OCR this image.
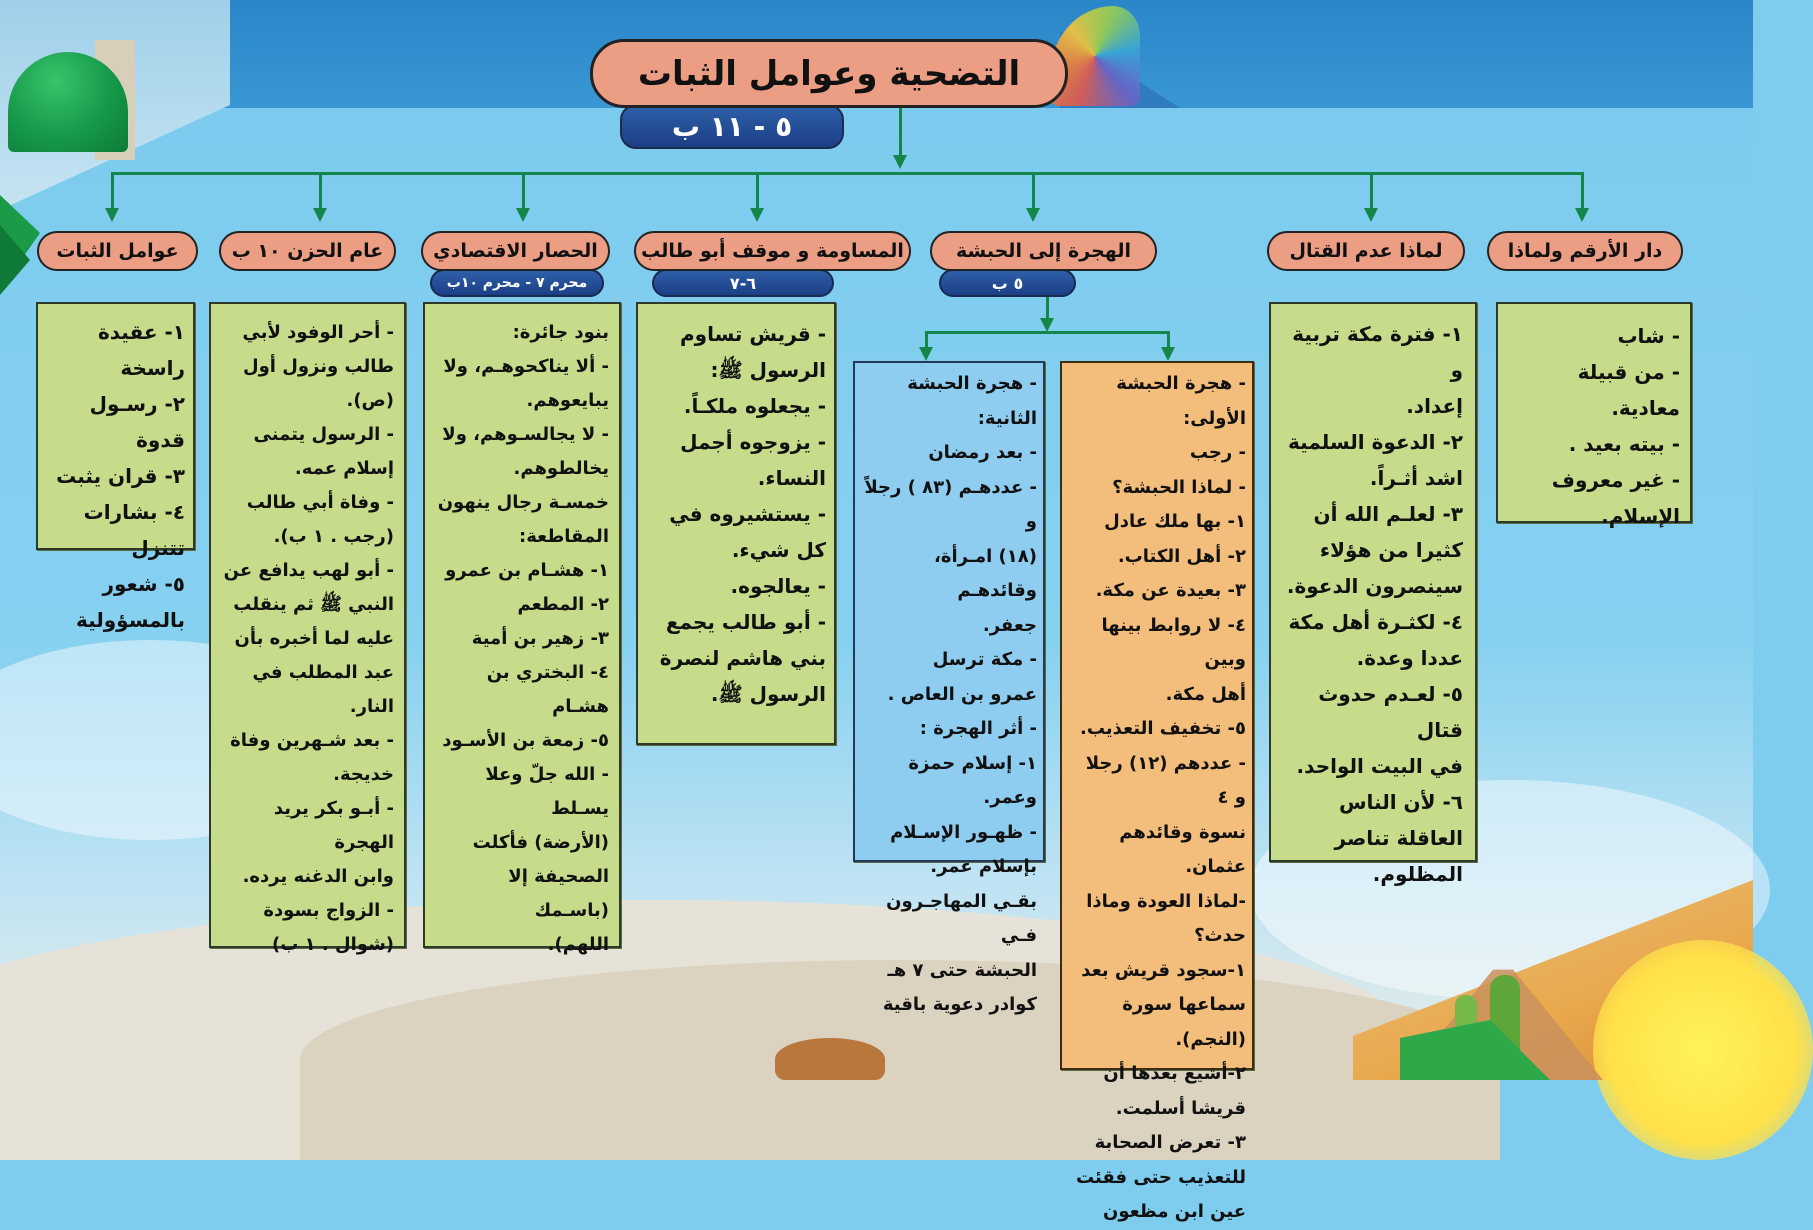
التضحية وعوامل الثبات
٥ - ١١ ب
دار الأرقم ولماذا
لماذا عدم القتال
الهجرة إلى الحبشة
٥ ب
المساومة و موقف أبو طالب
٦-٧
الحصار الاقتصادي
محرم ٧ - محرم ١٠ب
عام الحزن ١٠ ب
عوامل الثبات

- شاب

- من قبيلة معادية.

- بيته بعيد .

- غير معروف

الإسلام.

١- فترة مكة تربية و

إعداد.

٢- الدعوة السلمية

اشد أثـراً.

٣- لعلـم الله أن

كثيرا من هؤلاء

سينصرون الدعوة.

٤- لكثـرة أهل مكة

عددا وعدة.

٥- لعـدم حدوث قتال

في البيت الواحد.

٦- لأن الناس

العاقلة تناصر

المظلوم.

- هجرة الحبشة الأولى:

- رجب

- لماذا الحبشة؟

١- بها ملك عادل

٢- أهل الكتاب.

٣- بعيدة عن مكة.

٤- لا روابط بينها وبين

أهل مكة.

٥- تخفيف التعذيب.

- عددهم (١٢) رجلا و ٤

نسوة وقائدهم عثمان.

-لماذا العودة وماذا

حدث؟

١-سجود قريش بعد

سماعها سورة (النجم).

٢-أشيع بعدها أن

قريشا أسلمت.

٣- تعرض الصحابة

للتعذيب حتى فقئت

عين ابن مظعون

- هجرة الحبشة الثانية:

- بعد رمضان

- عددهـم (٨٣ ) رجلاً و

(١٨) امـرأة، وقائدهـم

جعفر.

- مكة ترسل

عمرو بن العاص .

- أثر الهجرة :

١- إسلام حمزة وعمر.

- ظهـور الإسـلام

بإسلام عمر.

بقـي المهاجـرون فـي

الحبشة حتى ٧ هـ

كوادر دعوية باقية

- قريش تساوم

الرسول ﷺ:

- يجعلوه ملكـاً.

- يزوجوه أجمل

النساء.

- يستشيروه في

كل شيء.

- يعالجوه.

- أبو طالب يجمع

بني هاشم لنصرة

الرسول ﷺ.

بنود جائرة:

- ألا يناكحوهـم، ولا

يبايعوهم.

- لا يجالسـوهم، ولا

يخالطوهم.

خمسـة رجال ينهون

المقاطعة:

١- هشـام بن عمرو

٢- المطعم

٣- زهير بن أمية

٤- البختري بن هشـام

٥- زمعة بن الأسـود

- الله جلّ وعلا يسـلط

(الأرضة) فأكلت

الصحيفة إلا (باسـمك

اللهم).

- أحر الوفود لأبي

طالب ونزول أول

(ص).

- الرسول يتمنى

إسلام عمه.

- وفاة أبي طالب

(رجب . ١ ب).

- أبو لهب يدافع عن

النبي ﷺ ثم ينقلب

عليه لما أخبره بأن

عبد المطلب في

النار.

- بعد شـهرين وفاة

خديجة.

- أبـو بكر يريد الهجرة

وابن الدغنه يرده.

- الزواج بسودة

(شوال . ١ ب)

١- عقيدة راسخة

٢- رسـول قدوة

٣- قران يثبت

٤- بشارات تتنزل

٥- شعور

بالمسؤولية
